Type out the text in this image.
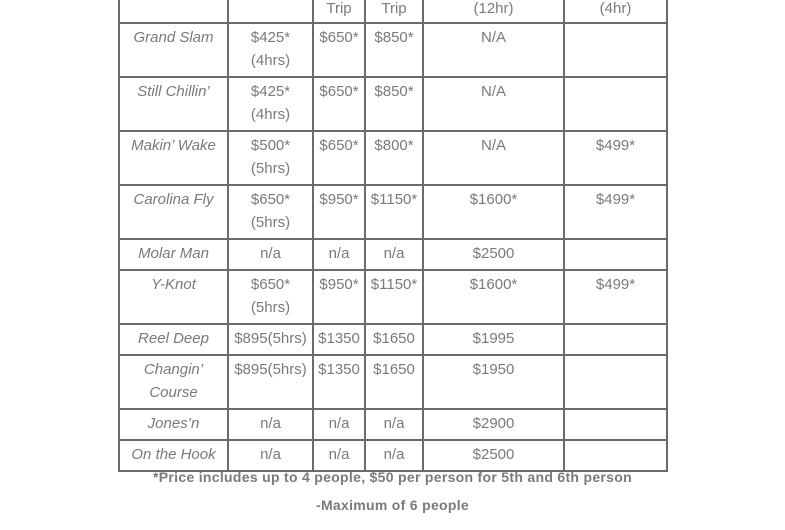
		Trip	Trip	(12hr)	(4hr)
Grand Slam	$425* (4hrs)	$650*	$850*	N/A	
Still Chillin’	$425* (4hrs)	$650*	$850*	N/A	
Makin’ Wake	$500* (5hrs)	$650*	$800*	N/A	$499*
Carolina Fly	$650* (5hrs)	$950*	$1150*	$1600*	$499*
Molar Man	n/a	n/a	n/a	$2500	
Y-Knot	$650* (5hrs)	$950*	$1150*	$1600*	$499*
Reel Deep	$895(5hrs)	$1350	$1650	$1995	
Changin’ Course	$895(5hrs)	$1350	$1650	$1950	
Jones’n	n/a	n/a	n/a	$2900	
On the Hook	n/a	n/a	n/a	$2500	
*Price includes up to 4 people, $50 per person for 5th and 6th person
-Maximum of 6 people
